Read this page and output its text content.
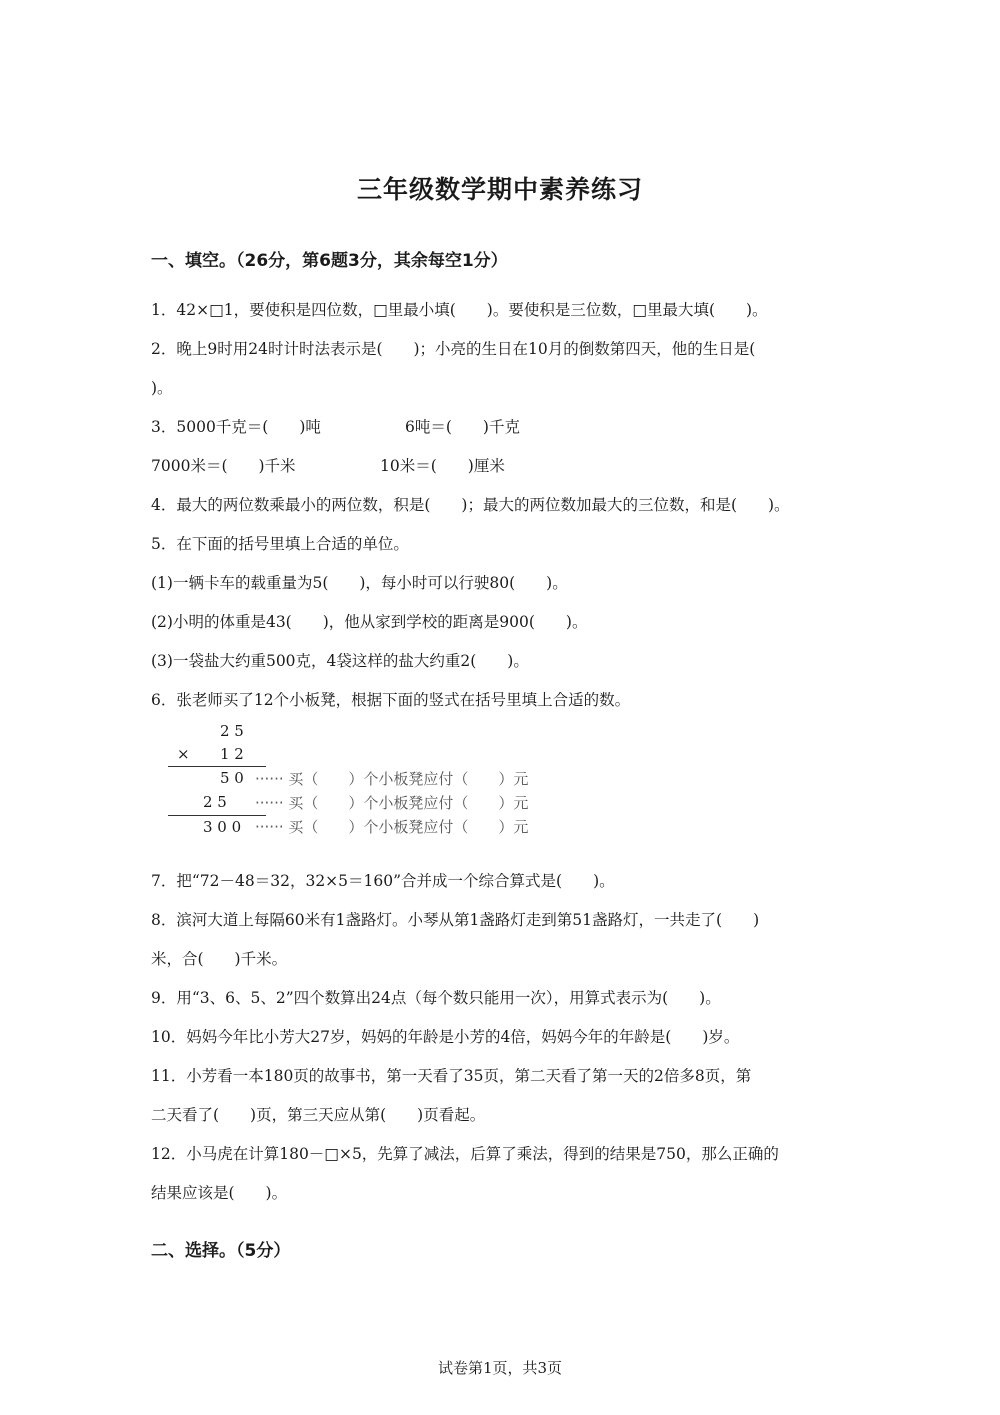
三年级数学期中素养练习
一、填空。（26分，第6题3分，其余每空1分）
1．42×□1，要使积是四位数，□里最小填(　　)。要使积是三位数，□里最大填(　　)。
2．晚上9时用24时计时法表示是(　　)；小亮的生日在10月的倒数第四天，他的生日是(
)。
3．5000千克＝(　　)吨	6吨＝(　　)千克
7000米＝(　　)千米	10米＝(　　)厘米
4．最大的两位数乘最小的两位数，积是(　　)；最大的两位数加最大的三位数，和是(　　)。
5．在下面的括号里填上合适的单位。
(1)一辆卡车的载重量为5(　　)，每小时可以行驶80(　　)。
(2)小明的体重是43(　　)，他从家到学校的距离是900(　　)。
(3)一袋盐大约重500克，4袋这样的盐大约重2(　　)。
6．张老师买了12个小板凳，根据下面的竖式在括号里填上合适的数。
2 5
× 1 2
5 0 ······ 买（　　）个小板凳应付（　　）元
2 5 ······ 买（　　）个小板凳应付（　　）元
3 0 0 ······ 买（　　）个小板凳应付（　　）元
7．把“72－48＝32，32×5＝160”合并成一个综合算式是(　　)。
8．滨河大道上每隔60米有1盏路灯。小琴从第1盏路灯走到第51盏路灯，一共走了(　　)
米，合(　　)千米。
9．用“3、6、5、2”四个数算出24点（每个数只能用一次），用算式表示为(　　)。
10．妈妈今年比小芳大27岁，妈妈的年龄是小芳的4倍，妈妈今年的年龄是(　　)岁。
11．小芳看一本180页的故事书，第一天看了35页，第二天看了第一天的2倍多8页，第
二天看了(　　)页，第三天应从第(　　)页看起。
12．小马虎在计算180－□×5，先算了减法，后算了乘法，得到的结果是750，那么正确的
结果应该是(　　)。
二、选择。（5分）
试卷第1页，共3页
